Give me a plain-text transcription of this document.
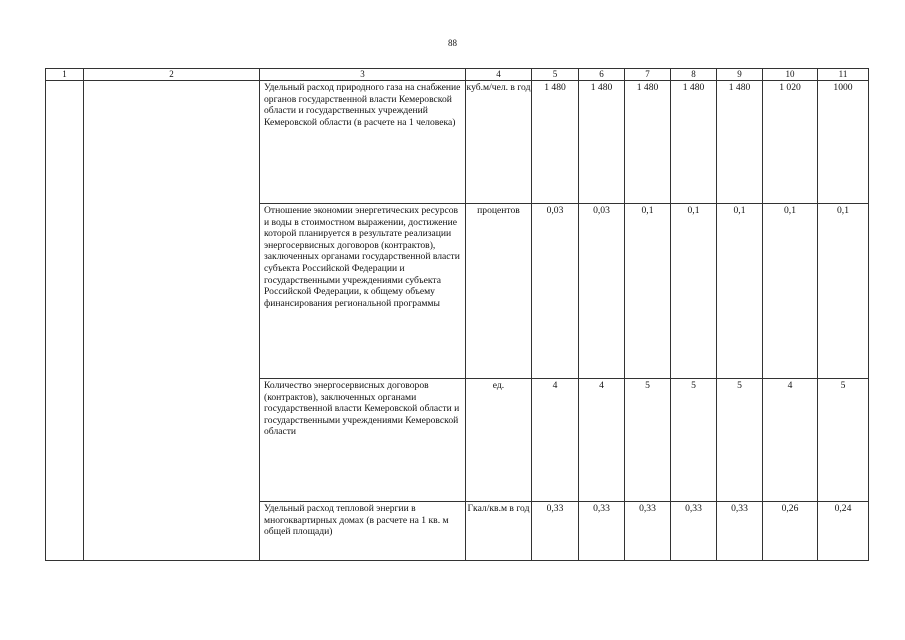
88
1	2	3	4	5	6	7	8	9	10	11
		Удельный расход природного газа на снабжение органов государственной власти Кемеровской области и государственных учреждений Кемеровской области (в расчете на 1 человека)	куб.м/чел. в год	1 480	1 480	1 480	1 480	1 480	1 020	1000
		Отношение экономии энергетических ресурсов и воды в стоимостном выражении, достижение которой планируется в результате реализации энергосервисных договоров (контрактов), заключенных органами государственной власти субъекта Российской Федерации и государственными учреждениями субъекта Российской Федерации, к общему объему финансирования региональной программы	процентов	0,03	0,03	0,1	0,1	0,1	0,1	0,1
		Количество энергосервисных договоров (контрактов), заключенных органами государственной власти Кемеровской области и государственными учреждениями Кемеровской области	ед.	4	4	5	5	5	4	5
		Удельный расход тепловой энергии в многоквартирных домах (в расчете на 1 кв. м общей площади)	Гкал/кв.м в год	0,33	0,33	0,33	0,33	0,33	0,26	0,24
